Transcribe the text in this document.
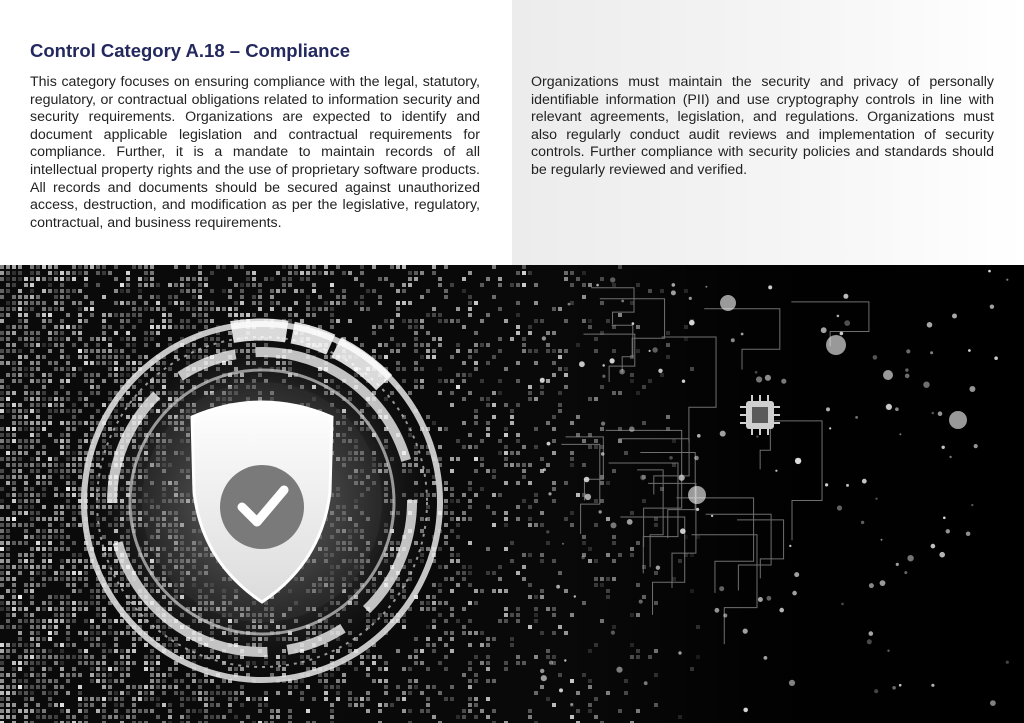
Control Category A.18 – Compliance

This category focuses on ensuring compliance with the legal, statutory, regulatory, or contractual obligations related to information security and security requirements. Organizations are expected to identify and document applicable legislation and contractual requirements for compliance. Further, it is a mandate to maintain records of all intellectual property rights and the use of proprietary software products. All records and documents should be secured against unauthorized access, destruction, and modification as per the legislative, regulatory, contractual, and business requirements.

Organizations must maintain the security and privacy of personally identifiable information (PII) and use cryptography controls in line with relevant agreements, legislation, and regulations. Organizations must also regularly conduct audit reviews and implementation of security controls. Further compliance with security policies and standards should be regularly reviewed and verified.
